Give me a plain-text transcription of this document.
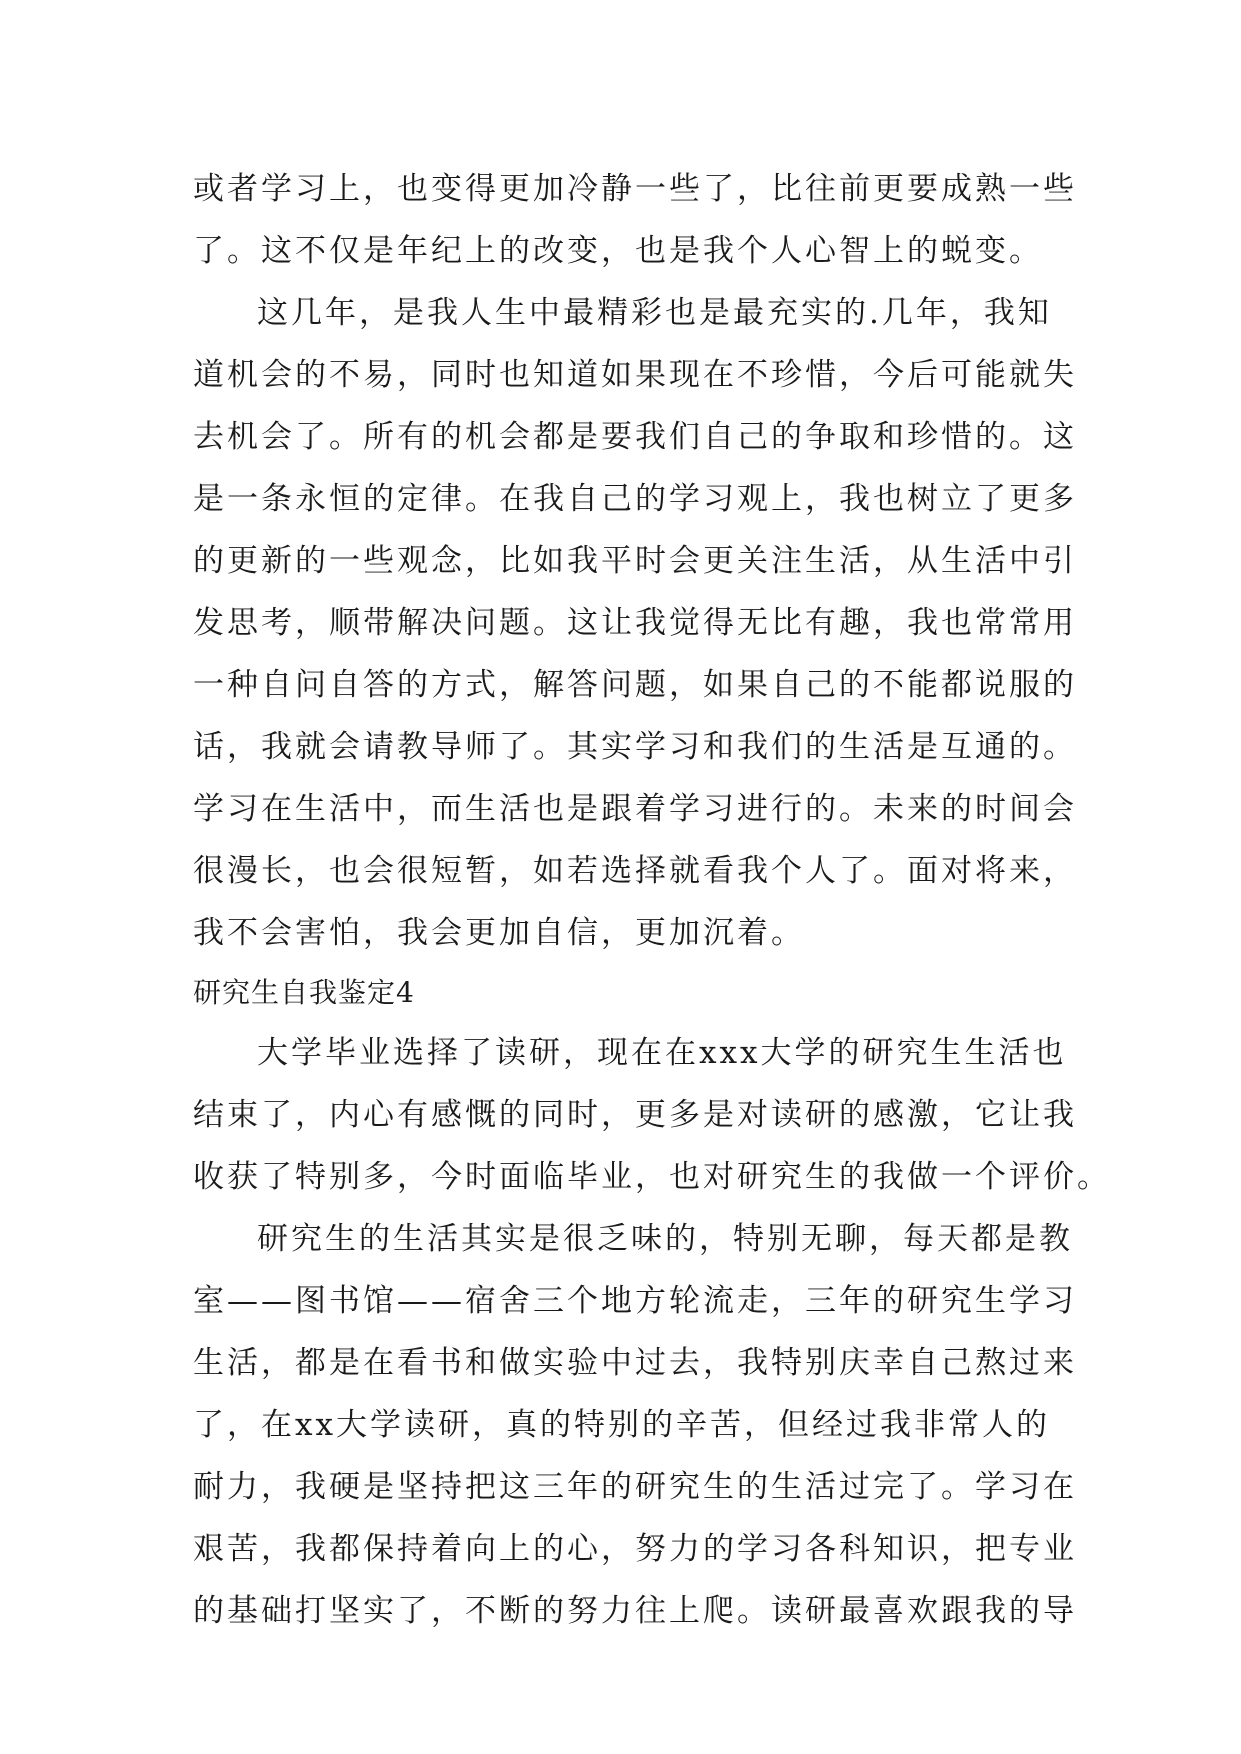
或者学习上，也变得更加冷静一些了，比往前更要成熟一些
了。这不仅是年纪上的改变，也是我个人心智上的蜕变。
这几年，是我人生中最精彩也是最充实的.几年，我知
道机会的不易，同时也知道如果现在不珍惜，今后可能就失
去机会了。所有的机会都是要我们自己的争取和珍惜的。这
是一条永恒的定律。在我自己的学习观上，我也树立了更多
的更新的一些观念，比如我平时会更关注生活，从生活中引
发思考，顺带解决问题。这让我觉得无比有趣，我也常常用
一种自问自答的方式，解答问题，如果自己的不能都说服的
话，我就会请教导师了。其实学习和我们的生活是互通的。
学习在生活中，而生活也是跟着学习进行的。未来的时间会
很漫长，也会很短暂，如若选择就看我个人了。面对将来，
我不会害怕，我会更加自信，更加沉着。
研究生自我鉴定4
大学毕业选择了读研，现在在xxx大学的研究生生活也
结束了，内心有感慨的同时，更多是对读研的感激，它让我
收获了特别多，今时面临毕业，也对研究生的我做一个评价。
研究生的生活其实是很乏味的，特别无聊，每天都是教
室——图书馆——宿舍三个地方轮流走，三年的研究生学习
生活，都是在看书和做实验中过去，我特别庆幸自己熬过来
了，在xx大学读研，真的特别的辛苦，但经过我非常人的
耐力，我硬是坚持把这三年的研究生的生活过完了。学习在
艰苦，我都保持着向上的心，努力的学习各科知识，把专业
的基础打坚实了，不断的努力往上爬。读研最喜欢跟我的导
